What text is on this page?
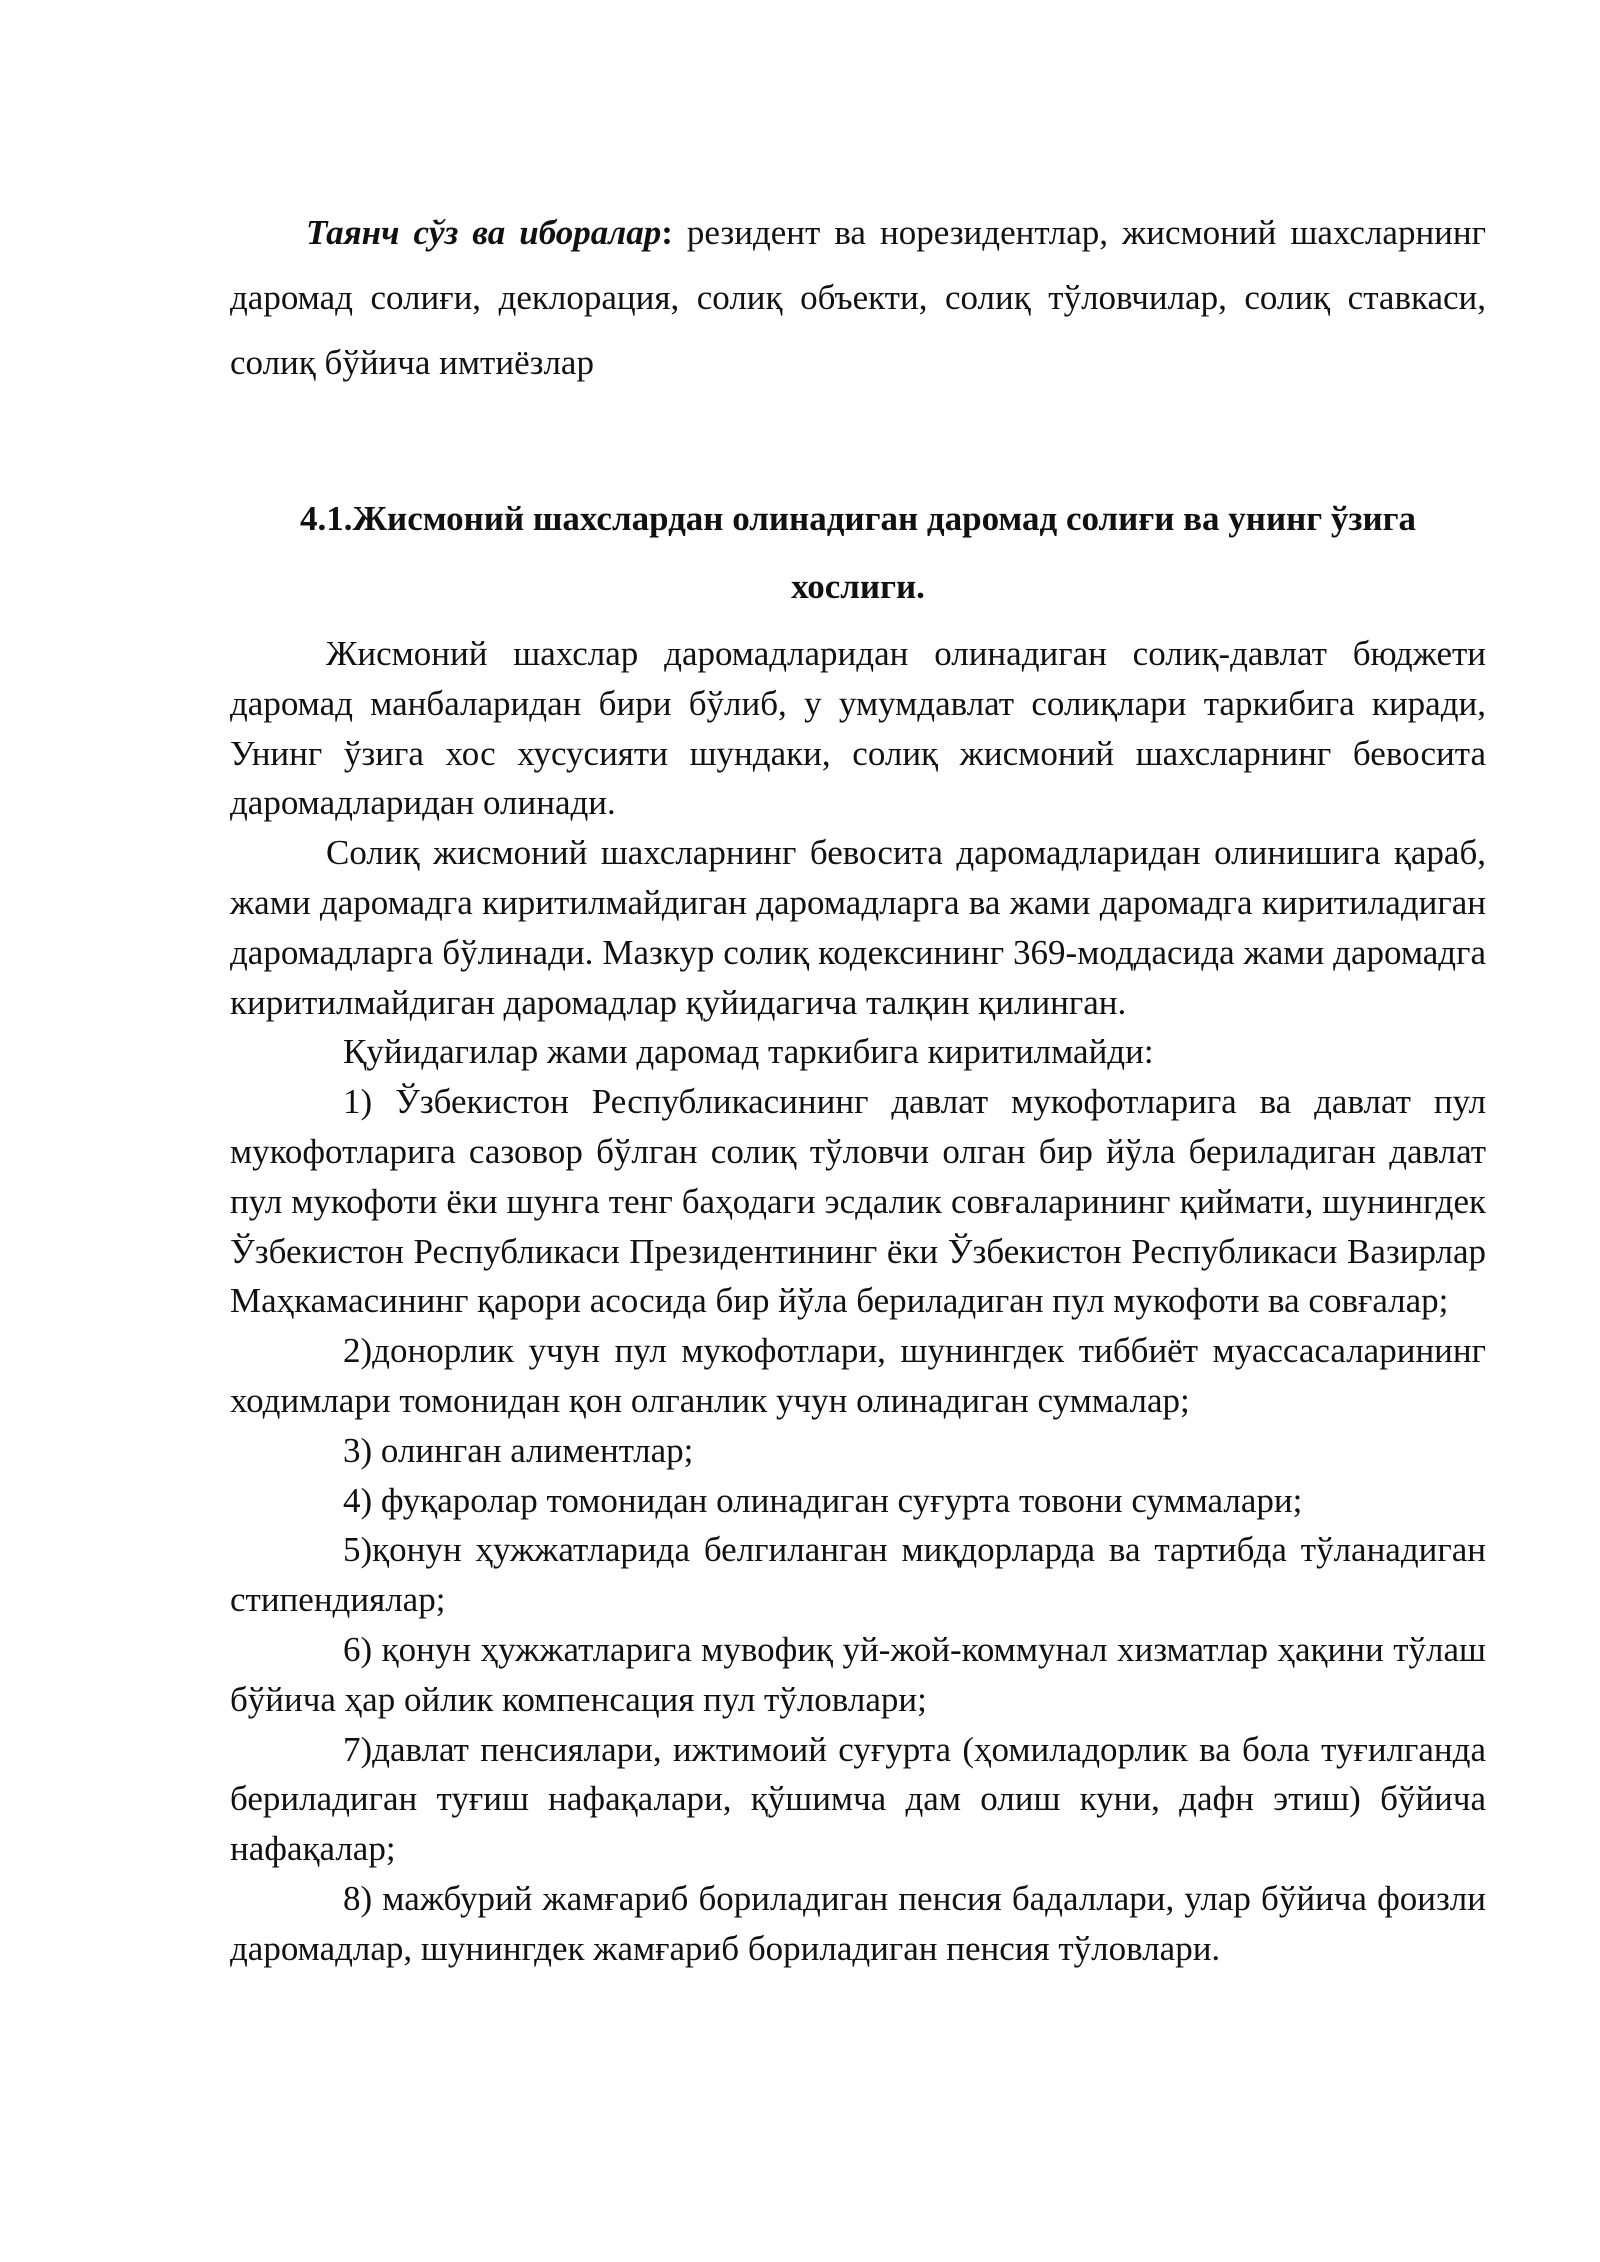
Таянч сўз ва иборалар: резидент ва норезидентлар, жисмоний шахсларнинг даромад солиғи, деклорация, солиқ объекти, солиқ тўловчилар, солиқ ставкаси, солиқ бўйича имтиёзлар

4.1.Жисмоний шахслардан олинадиган даромад солиғи ва унинг ўзига
хослиги.

Жисмоний шахслар даромадларидан олинадиган солиқ-давлат бюджети даромад манбаларидан бири бўлиб, у умумдавлат солиқлари таркибига киради, Унинг ўзига хос хусусияти шундаки, солиқ жисмоний шахсларнинг бевосита даромадларидан олинади.

Солиқ жисмоний шахсларнинг бевосита даромадларидан олинишига қараб, жами даромадга киритилмайдиган даромадларга ва жами даромадга киритиладиган даромадларга бўлинади. Мазкур солиқ кодексининг 369-моддасида жами даромадга киритилмайдиган даромадлар қуйидагича талқин қилинган.

Қуйидагилар жами даромад таркибига киритилмайди:

1) Ўзбекистон Республикасининг давлат мукофотларига ва давлат пул мукофотларига сазовор бўлган солиқ тўловчи олган бир йўла бериладиган давлат пул мукофоти ёки шунга тенг баҳодаги эсдалик совғаларининг қиймати, шунингдек Ўзбекистон Республикаси Президентининг ёки Ўзбекистон Республикаси Вазирлар Маҳкамасининг қарори асосида бир йўла бериладиган пул мукофоти ва совғалар;

2)донорлик учун пул мукофотлари, шунингдек тиббиёт муассасаларининг ходимлари томонидан қон олганлик учун олинадиган суммалар;

3) олинган алиментлар;

4) фуқаролар томонидан олинадиган суғурта товони суммалари;

5)қонун ҳужжатларида белгиланган миқдорларда ва тартибда тўланадиган стипендиялар;

6) қонун ҳужжатларига мувофиқ уй-жой-коммунал хизматлар ҳақини тўлаш бўйича ҳар ойлик компенсация пул тўловлари;

7)давлат пенсиялари, ижтимоий суғурта (ҳомиладорлик ва бола туғилганда бериладиган туғиш нафақалари, қўшимча дам олиш куни, дафн этиш) бўйича нафақалар;

8) мажбурий жамғариб бориладиган пенсия бадаллари, улар бўйича фоизли даромадлар, шунингдек жамғариб бориладиган пенсия тўловлари.
